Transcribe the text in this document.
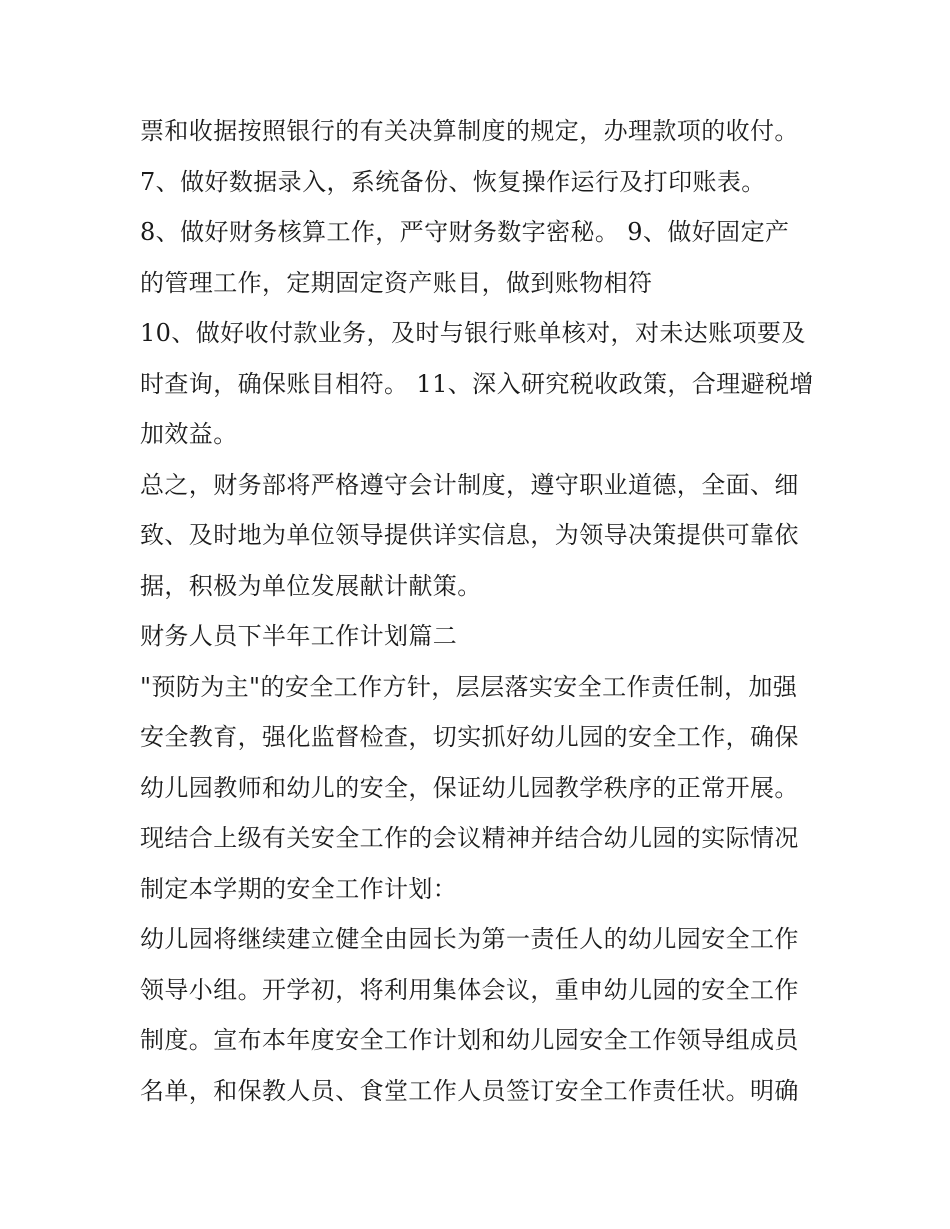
票和收据按照银行的有关决算制度的规定，办理款项的收付。
7、做好数据录入，系统备份、恢复操作运行及打印账表。
8、做好财务核算工作，严守财务数字密秘。 9、做好固定产
的管理工作，定期固定资产账目，做到账物相符
10、做好收付款业务，及时与银行账单核对，对未达账项要及
时查询，确保账目相符。 11、深入研究税收政策，合理避税增
加效益。
总之，财务部将严格遵守会计制度，遵守职业道德，全面、细
致、及时地为单位领导提供详实信息，为领导决策提供可靠依
据，积极为单位发展献计献策。
财务人员下半年工作计划篇二
"预防为主"的安全工作方针，层层落实安全工作责任制，加强
安全教育，强化监督检查，切实抓好幼儿园的安全工作，确保
幼儿园教师和幼儿的安全，保证幼儿园教学秩序的正常开展。
现结合上级有关安全工作的会议精神并结合幼儿园的实际情况
制定本学期的安全工作计划：
幼儿园将继续建立健全由园长为第一责任人的幼儿园安全工作
领导小组。开学初，将利用集体会议，重申幼儿园的安全工作
制度。宣布本年度安全工作计划和幼儿园安全工作领导组成员
名单，和保教人员、食堂工作人员签订安全工作责任状。明确
